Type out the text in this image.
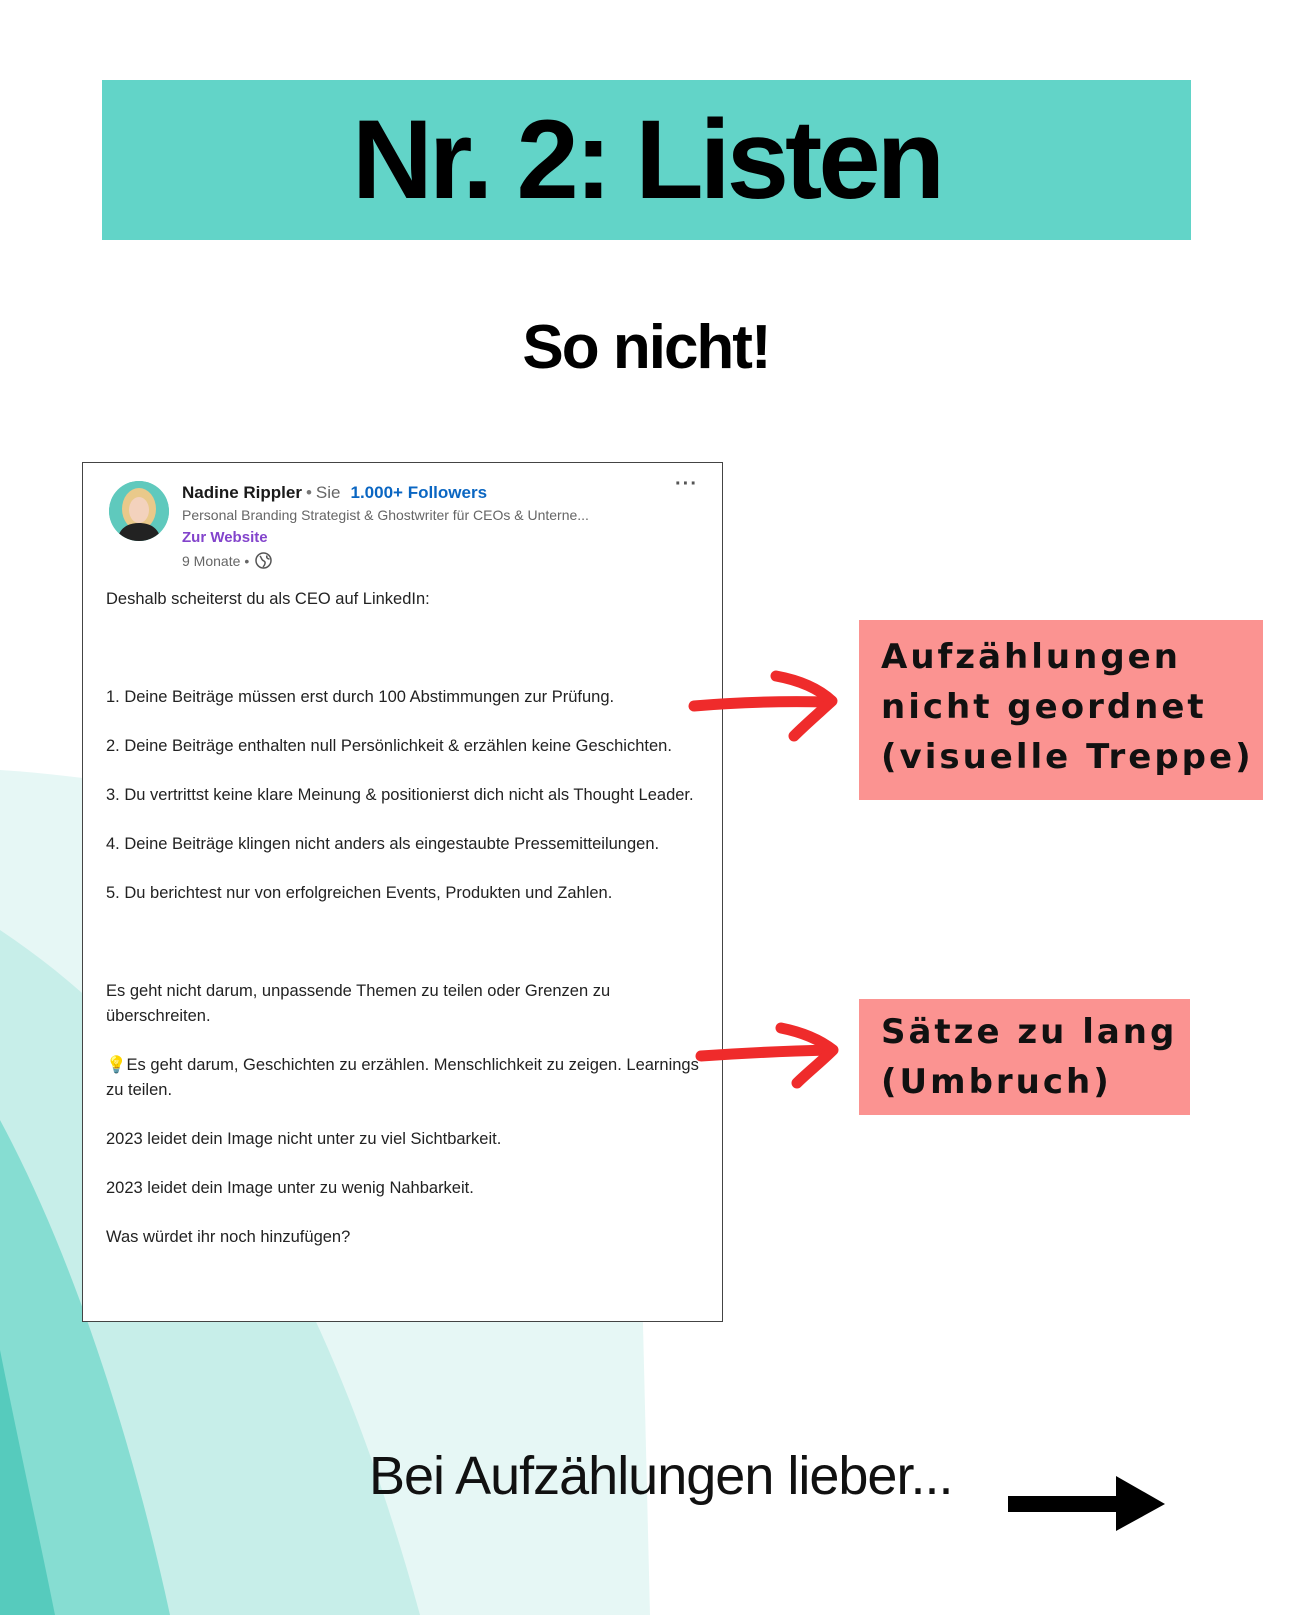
Nr. 2: Listen
So nicht!
Nadine Rippler • Sie 1.000+ Followers
Personal Branding Strategist & Ghostwriter für CEOs & Unterne...
Zur Website
9 Monate •
···

Deshalb scheiterst du als CEO auf LinkedIn:

1. Deine Beiträge müssen erst durch 100 Abstimmungen zur Prüfung.

2. Deine Beiträge enthalten null Persönlichkeit & erzählen keine Geschichten.

3. Du vertrittst keine klare Meinung & positionierst dich nicht als Thought Leader.

4. Deine Beiträge klingen nicht anders als eingestaubte Pressemitteilungen.

5. Du berichtest nur von erfolgreichen Events, Produkten und Zahlen.

Es geht nicht darum, unpassende Themen zu teilen oder Grenzen zu überschreiten.

💡Es geht darum, Geschichten zu erzählen. Menschlichkeit zu zeigen. Learnings zu teilen.

2023 leidet dein Image nicht unter zu viel Sichtbarkeit.

2023 leidet dein Image unter zu wenig Nahbarkeit.

Was würdet ihr noch hinzufügen?

Aufzählungen
nicht geordnet
(visuelle Treppe)
Sätze zu lang
(Umbruch)
Bei Aufzählungen lieber...
